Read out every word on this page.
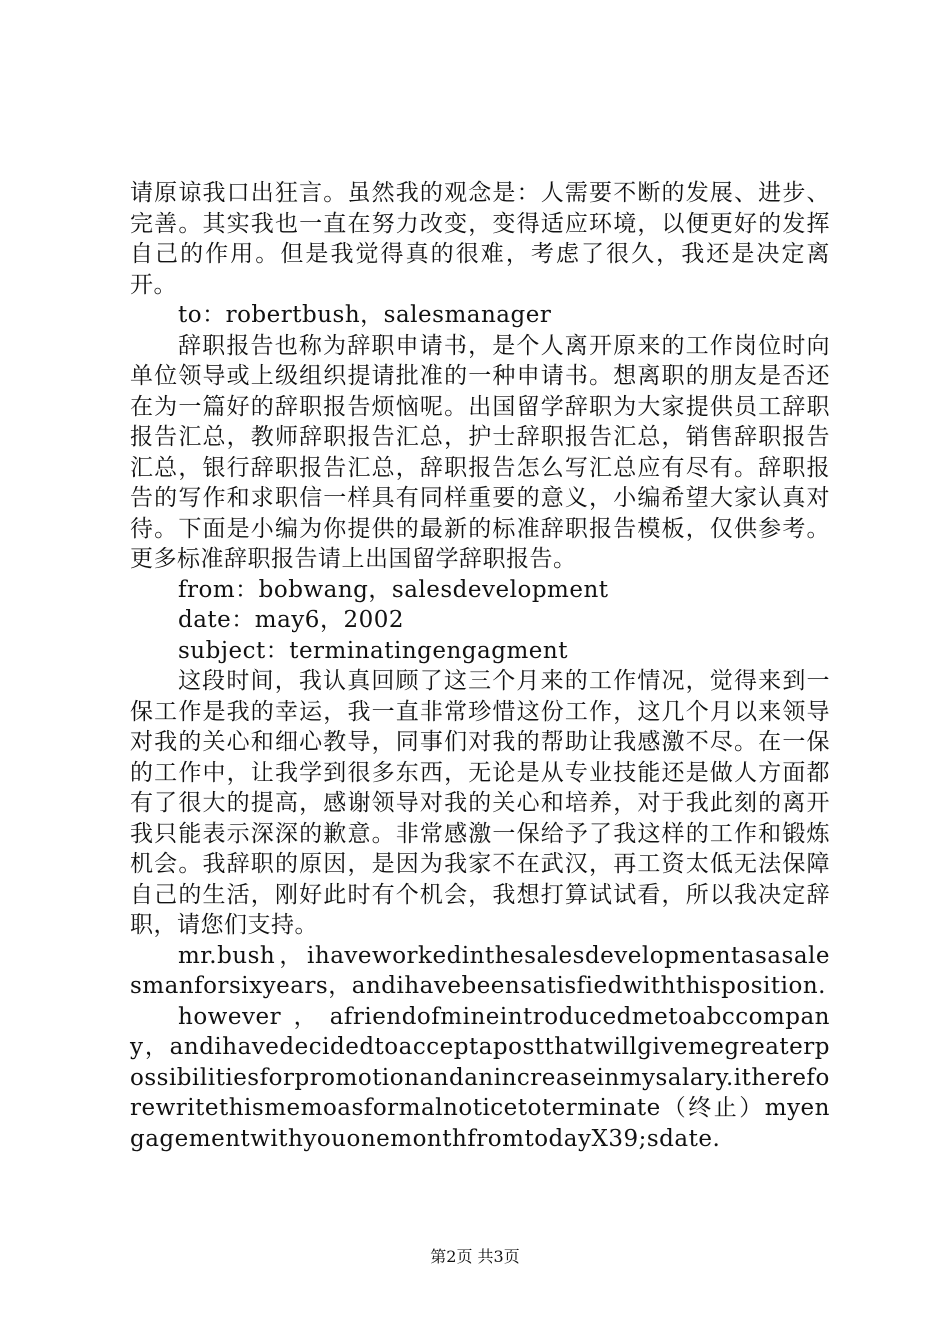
请原谅我口出狂言。虽然我的观念是：人需要不断的发展、进步、完善。其实我也一直在努力改变，变得适应环境，以便更好的发挥自己的作用。但是我觉得真的很难，考虑了很久，我还是决定离开。

to：robertbush，salesmanager

辞职报告也称为辞职申请书，是个人离开原来的工作岗位时向单位领导或上级组织提请批准的一种申请书。想离职的朋友是否还在为一篇好的辞职报告烦恼呢。出国留学辞职为大家提供员工辞职报告汇总，教师辞职报告汇总，护士辞职报告汇总，销售辞职报告汇总，银行辞职报告汇总，辞职报告怎么写汇总应有尽有。辞职报告的写作和求职信一样具有同样重要的意义，小编希望大家认真对待。下面是小编为你提供的最新的标准辞职报告模板，仅供参考。更多标准辞职报告请上出国留学辞职报告。

from：bobwang，salesdevelopment

date：may6，2002

subject：terminatingengagment

这段时间，我认真回顾了这三个月来的工作情况，觉得来到一保工作是我的幸运，我一直非常珍惜这份工作，这几个月以来领导对我的关心和细心教导，同事们对我的帮助让我感激不尽。在一保的工作中，让我学到很多东西，无论是从专业技能还是做人方面都有了很大的提高，感谢领导对我的关心和培养，对于我此刻的离开我只能表示深深的歉意。非常感激一保给予了我这样的工作和锻炼机会。我辞职的原因，是因为我家不在武汉，再工资太低无法保障自己的生活，刚好此时有个机会，我想打算试试看，所以我决定辞职，请您们支持。

mr.bush，ihaveworkedinthesalesdevelopmentasasalesmanforsixyears，andihavebeensatisfiedwiththisposition.

however，afriendofmineintroducedmetoabccompany，andihavedecidedtoacceptapostthatwillgivemegreaterpossibilitiesforpromotionandanincreaseinmysalary.ithereforewritethismemoasformalnoticetoterminate（终止）myengagementwithyouonemonthfromtodayX39;sdate.

第2页 共3页
